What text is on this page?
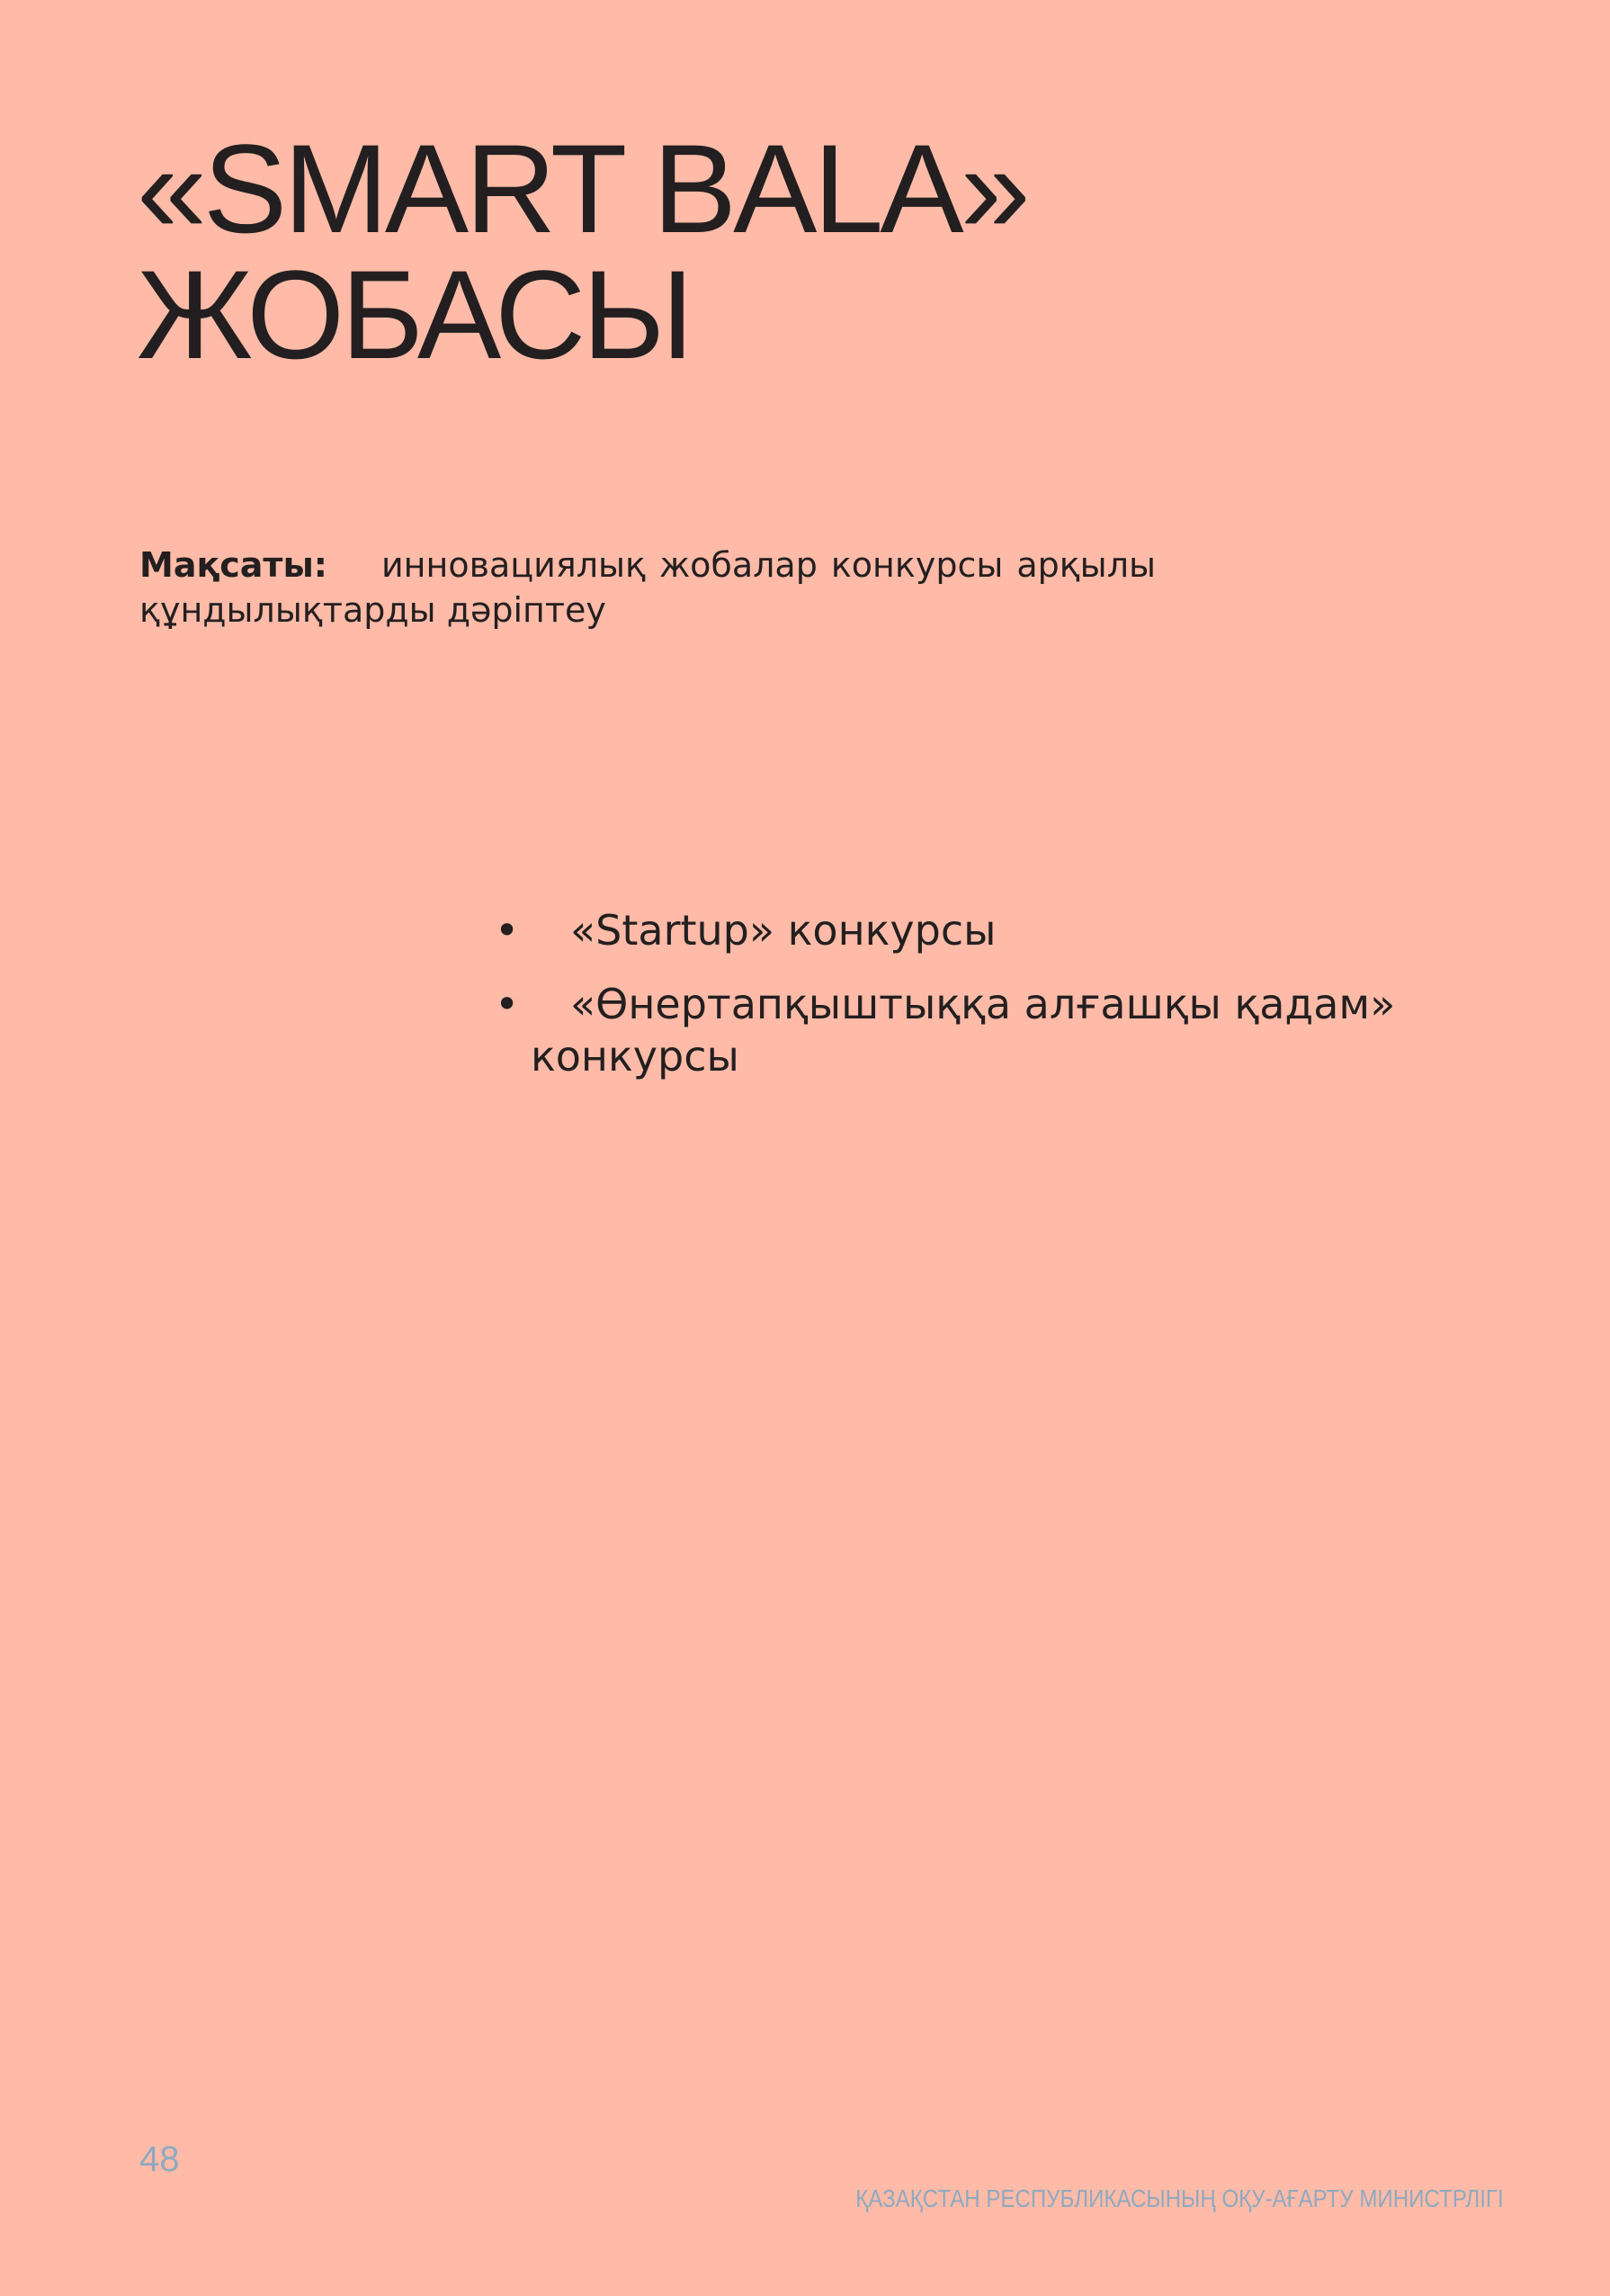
«SMART BALA»
ЖОБАСЫ

Мақсаты: инновациялық жобалар конкурсы арқылы құндылықтарды дәріптеу

• «Startup» конкурсы
• «Өнертапқыштыққа алғашқы қадам» конкурсы
48
ҚАЗАҚСТАН РЕСПУБЛИКАСЫНЫҢ ОҚУ-АҒАРТУ МИНИСТРЛІГІ
